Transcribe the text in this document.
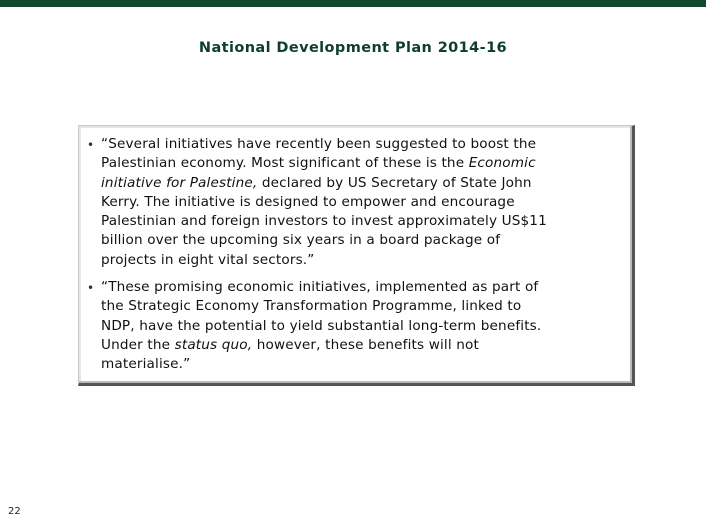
National Development Plan 2014-16
• “Several initiatives have recently been suggested to boost the
Palestinian economy. Most significant of these is the Economic
initiative for Palestine, declared by US Secretary of State John
Kerry. The initiative is designed to empower and encourage
Palestinian and foreign investors to invest approximately US$11
billion over the upcoming six years in a board package of
projects in eight vital sectors.”
• “These promising economic initiatives, implemented as part of
the Strategic Economy Transformation Programme, linked to
NDP, have the potential to yield substantial long-term benefits.
Under the status quo, however, these benefits will not
materialise.”
22
